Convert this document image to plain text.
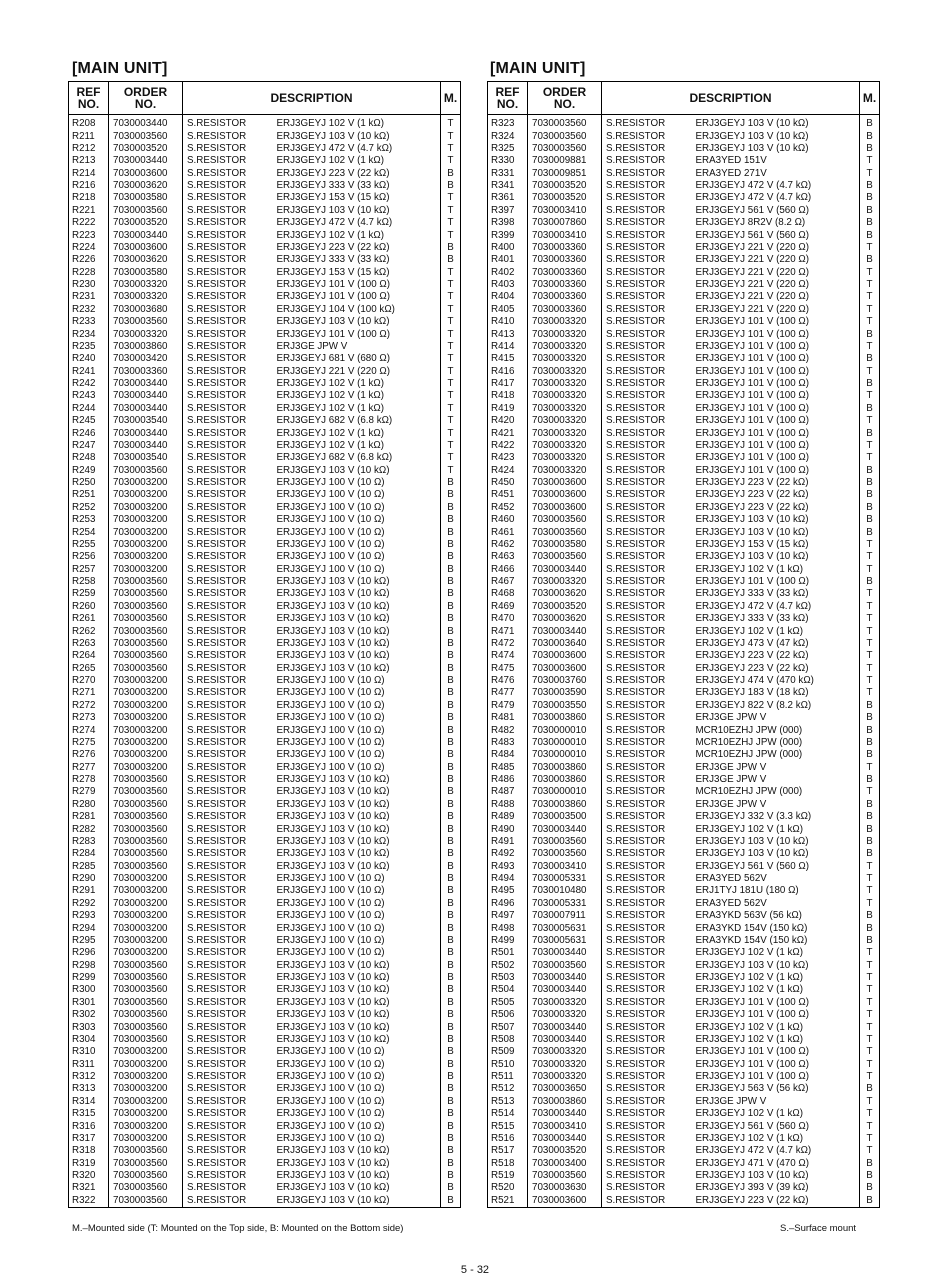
[MAIN UNIT]
REF
NO.	ORDER
NO.	DESCRIPTION		M.
R208	7030003440	S.RESISTOR	ERJ3GEYJ 102 V (1 kΩ)	T
R211	7030003560	S.RESISTOR	ERJ3GEYJ 103 V (10 kΩ)	T
R212	7030003520	S.RESISTOR	ERJ3GEYJ 472 V (4.7 kΩ)	T
R213	7030003440	S.RESISTOR	ERJ3GEYJ 102 V (1 kΩ)	T
R214	7030003600	S.RESISTOR	ERJ3GEYJ 223 V (22 kΩ)	B
R216	7030003620	S.RESISTOR	ERJ3GEYJ 333 V (33 kΩ)	B
R218	7030003580	S.RESISTOR	ERJ3GEYJ 153 V (15 kΩ)	T
R221	7030003560	S.RESISTOR	ERJ3GEYJ 103 V (10 kΩ)	T
R222	7030003520	S.RESISTOR	ERJ3GEYJ 472 V (4.7 kΩ)	T
R223	7030003440	S.RESISTOR	ERJ3GEYJ 102 V (1 kΩ)	T
R224	7030003600	S.RESISTOR	ERJ3GEYJ 223 V (22 kΩ)	B
R226	7030003620	S.RESISTOR	ERJ3GEYJ 333 V (33 kΩ)	B
R228	7030003580	S.RESISTOR	ERJ3GEYJ 153 V (15 kΩ)	T
R230	7030003320	S.RESISTOR	ERJ3GEYJ 101 V (100 Ω)	T
R231	7030003320	S.RESISTOR	ERJ3GEYJ 101 V (100 Ω)	T
R232	7030003680	S.RESISTOR	ERJ3GEYJ 104 V (100 kΩ)	T
R233	7030003560	S.RESISTOR	ERJ3GEYJ 103 V (10 kΩ)	T
R234	7030003320	S.RESISTOR	ERJ3GEYJ 101 V (100 Ω)	T
R235	7030003860	S.RESISTOR	ERJ3GE JPW V	T
R240	7030003420	S.RESISTOR	ERJ3GEYJ 681 V (680 Ω)	T
R241	7030003360	S.RESISTOR	ERJ3GEYJ 221 V (220 Ω)	T
R242	7030003440	S.RESISTOR	ERJ3GEYJ 102 V (1 kΩ)	T
R243	7030003440	S.RESISTOR	ERJ3GEYJ 102 V (1 kΩ)	T
R244	7030003440	S.RESISTOR	ERJ3GEYJ 102 V (1 kΩ)	T
R245	7030003540	S.RESISTOR	ERJ3GEYJ 682 V (6.8 kΩ)	T
R246	7030003440	S.RESISTOR	ERJ3GEYJ 102 V (1 kΩ)	T
R247	7030003440	S.RESISTOR	ERJ3GEYJ 102 V (1 kΩ)	T
R248	7030003540	S.RESISTOR	ERJ3GEYJ 682 V (6.8 kΩ)	T
R249	7030003560	S.RESISTOR	ERJ3GEYJ 103 V (10 kΩ)	T
R250	7030003200	S.RESISTOR	ERJ3GEYJ 100 V (10 Ω)	B
R251	7030003200	S.RESISTOR	ERJ3GEYJ 100 V (10 Ω)	B
R252	7030003200	S.RESISTOR	ERJ3GEYJ 100 V (10 Ω)	B
R253	7030003200	S.RESISTOR	ERJ3GEYJ 100 V (10 Ω)	B
R254	7030003200	S.RESISTOR	ERJ3GEYJ 100 V (10 Ω)	B
R255	7030003200	S.RESISTOR	ERJ3GEYJ 100 V (10 Ω)	B
R256	7030003200	S.RESISTOR	ERJ3GEYJ 100 V (10 Ω)	B
R257	7030003200	S.RESISTOR	ERJ3GEYJ 100 V (10 Ω)	B
R258	7030003560	S.RESISTOR	ERJ3GEYJ 103 V (10 kΩ)	B
R259	7030003560	S.RESISTOR	ERJ3GEYJ 103 V (10 kΩ)	B
R260	7030003560	S.RESISTOR	ERJ3GEYJ 103 V (10 kΩ)	B
R261	7030003560	S.RESISTOR	ERJ3GEYJ 103 V (10 kΩ)	B
R262	7030003560	S.RESISTOR	ERJ3GEYJ 103 V (10 kΩ)	B
R263	7030003560	S.RESISTOR	ERJ3GEYJ 103 V (10 kΩ)	B
R264	7030003560	S.RESISTOR	ERJ3GEYJ 103 V (10 kΩ)	B
R265	7030003560	S.RESISTOR	ERJ3GEYJ 103 V (10 kΩ)	B
R270	7030003200	S.RESISTOR	ERJ3GEYJ 100 V (10 Ω)	B
R271	7030003200	S.RESISTOR	ERJ3GEYJ 100 V (10 Ω)	B
R272	7030003200	S.RESISTOR	ERJ3GEYJ 100 V (10 Ω)	B
R273	7030003200	S.RESISTOR	ERJ3GEYJ 100 V (10 Ω)	B
R274	7030003200	S.RESISTOR	ERJ3GEYJ 100 V (10 Ω)	B
R275	7030003200	S.RESISTOR	ERJ3GEYJ 100 V (10 Ω)	B
R276	7030003200	S.RESISTOR	ERJ3GEYJ 100 V (10 Ω)	B
R277	7030003200	S.RESISTOR	ERJ3GEYJ 100 V (10 Ω)	B
R278	7030003560	S.RESISTOR	ERJ3GEYJ 103 V (10 kΩ)	B
R279	7030003560	S.RESISTOR	ERJ3GEYJ 103 V (10 kΩ)	B
R280	7030003560	S.RESISTOR	ERJ3GEYJ 103 V (10 kΩ)	B
R281	7030003560	S.RESISTOR	ERJ3GEYJ 103 V (10 kΩ)	B
R282	7030003560	S.RESISTOR	ERJ3GEYJ 103 V (10 kΩ)	B
R283	7030003560	S.RESISTOR	ERJ3GEYJ 103 V (10 kΩ)	B
R284	7030003560	S.RESISTOR	ERJ3GEYJ 103 V (10 kΩ)	B
R285	7030003560	S.RESISTOR	ERJ3GEYJ 103 V (10 kΩ)	B
R290	7030003200	S.RESISTOR	ERJ3GEYJ 100 V (10 Ω)	B
R291	7030003200	S.RESISTOR	ERJ3GEYJ 100 V (10 Ω)	B
R292	7030003200	S.RESISTOR	ERJ3GEYJ 100 V (10 Ω)	B
R293	7030003200	S.RESISTOR	ERJ3GEYJ 100 V (10 Ω)	B
R294	7030003200	S.RESISTOR	ERJ3GEYJ 100 V (10 Ω)	B
R295	7030003200	S.RESISTOR	ERJ3GEYJ 100 V (10 Ω)	B
R296	7030003200	S.RESISTOR	ERJ3GEYJ 100 V (10 Ω)	B
R298	7030003560	S.RESISTOR	ERJ3GEYJ 103 V (10 kΩ)	B
R299	7030003560	S.RESISTOR	ERJ3GEYJ 103 V (10 kΩ)	B
R300	7030003560	S.RESISTOR	ERJ3GEYJ 103 V (10 kΩ)	B
R301	7030003560	S.RESISTOR	ERJ3GEYJ 103 V (10 kΩ)	B
R302	7030003560	S.RESISTOR	ERJ3GEYJ 103 V (10 kΩ)	B
R303	7030003560	S.RESISTOR	ERJ3GEYJ 103 V (10 kΩ)	B
R304	7030003560	S.RESISTOR	ERJ3GEYJ 103 V (10 kΩ)	B
R310	7030003200	S.RESISTOR	ERJ3GEYJ 100 V (10 Ω)	B
R311	7030003200	S.RESISTOR	ERJ3GEYJ 100 V (10 Ω)	B
R312	7030003200	S.RESISTOR	ERJ3GEYJ 100 V (10 Ω)	B
R313	7030003200	S.RESISTOR	ERJ3GEYJ 100 V (10 Ω)	B
R314	7030003200	S.RESISTOR	ERJ3GEYJ 100 V (10 Ω)	B
R315	7030003200	S.RESISTOR	ERJ3GEYJ 100 V (10 Ω)	B
R316	7030003200	S.RESISTOR	ERJ3GEYJ 100 V (10 Ω)	B
R317	7030003200	S.RESISTOR	ERJ3GEYJ 100 V (10 Ω)	B
R318	7030003560	S.RESISTOR	ERJ3GEYJ 103 V (10 kΩ)	B
R319	7030003560	S.RESISTOR	ERJ3GEYJ 103 V (10 kΩ)	B
R320	7030003560	S.RESISTOR	ERJ3GEYJ 103 V (10 kΩ)	B
R321	7030003560	S.RESISTOR	ERJ3GEYJ 103 V (10 kΩ)	B
R322	7030003560	S.RESISTOR	ERJ3GEYJ 103 V (10 kΩ)	B
[MAIN UNIT]
REF
NO.	ORDER
NO.	DESCRIPTION		M.
R323	7030003560	S.RESISTOR	ERJ3GEYJ 103 V (10 kΩ)	B
R324	7030003560	S.RESISTOR	ERJ3GEYJ 103 V (10 kΩ)	B
R325	7030003560	S.RESISTOR	ERJ3GEYJ 103 V (10 kΩ)	B
R330	7030009881	S.RESISTOR	ERA3YED 151V	T
R331	7030009851	S.RESISTOR	ERA3YED 271V	T
R341	7030003520	S.RESISTOR	ERJ3GEYJ 472 V (4.7 kΩ)	B
R361	7030003520	S.RESISTOR	ERJ3GEYJ 472 V (4.7 kΩ)	B
R397	7030003410	S.RESISTOR	ERJ3GEYJ 561 V (560 Ω)	B
R398	7030007860	S.RESISTOR	ERJ3GEYJ 8R2V (8.2 Ω)	B
R399	7030003410	S.RESISTOR	ERJ3GEYJ 561 V (560 Ω)	B
R400	7030003360	S.RESISTOR	ERJ3GEYJ 221 V (220 Ω)	T
R401	7030003360	S.RESISTOR	ERJ3GEYJ 221 V (220 Ω)	B
R402	7030003360	S.RESISTOR	ERJ3GEYJ 221 V (220 Ω)	T
R403	7030003360	S.RESISTOR	ERJ3GEYJ 221 V (220 Ω)	T
R404	7030003360	S.RESISTOR	ERJ3GEYJ 221 V (220 Ω)	T
R405	7030003360	S.RESISTOR	ERJ3GEYJ 221 V (220 Ω)	T
R410	7030003320	S.RESISTOR	ERJ3GEYJ 101 V (100 Ω)	T
R413	7030003320	S.RESISTOR	ERJ3GEYJ 101 V (100 Ω)	B
R414	7030003320	S.RESISTOR	ERJ3GEYJ 101 V (100 Ω)	T
R415	7030003320	S.RESISTOR	ERJ3GEYJ 101 V (100 Ω)	B
R416	7030003320	S.RESISTOR	ERJ3GEYJ 101 V (100 Ω)	T
R417	7030003320	S.RESISTOR	ERJ3GEYJ 101 V (100 Ω)	B
R418	7030003320	S.RESISTOR	ERJ3GEYJ 101 V (100 Ω)	T
R419	7030003320	S.RESISTOR	ERJ3GEYJ 101 V (100 Ω)	B
R420	7030003320	S.RESISTOR	ERJ3GEYJ 101 V (100 Ω)	T
R421	7030003320	S.RESISTOR	ERJ3GEYJ 101 V (100 Ω)	B
R422	7030003320	S.RESISTOR	ERJ3GEYJ 101 V (100 Ω)	T
R423	7030003320	S.RESISTOR	ERJ3GEYJ 101 V (100 Ω)	T
R424	7030003320	S.RESISTOR	ERJ3GEYJ 101 V (100 Ω)	B
R450	7030003600	S.RESISTOR	ERJ3GEYJ 223 V (22 kΩ)	B
R451	7030003600	S.RESISTOR	ERJ3GEYJ 223 V (22 kΩ)	B
R452	7030003600	S.RESISTOR	ERJ3GEYJ 223 V (22 kΩ)	B
R460	7030003560	S.RESISTOR	ERJ3GEYJ 103 V (10 kΩ)	B
R461	7030003560	S.RESISTOR	ERJ3GEYJ 103 V (10 kΩ)	B
R462	7030003580	S.RESISTOR	ERJ3GEYJ 153 V (15 kΩ)	T
R463	7030003560	S.RESISTOR	ERJ3GEYJ 103 V (10 kΩ)	T
R466	7030003440	S.RESISTOR	ERJ3GEYJ 102 V (1 kΩ)	T
R467	7030003320	S.RESISTOR	ERJ3GEYJ 101 V (100 Ω)	B
R468	7030003620	S.RESISTOR	ERJ3GEYJ 333 V (33 kΩ)	T
R469	7030003520	S.RESISTOR	ERJ3GEYJ 472 V (4.7 kΩ)	T
R470	7030003620	S.RESISTOR	ERJ3GEYJ 333 V (33 kΩ)	T
R471	7030003440	S.RESISTOR	ERJ3GEYJ 102 V (1 kΩ)	T
R472	7030003640	S.RESISTOR	ERJ3GEYJ 473 V (47 kΩ)	T
R474	7030003600	S.RESISTOR	ERJ3GEYJ 223 V (22 kΩ)	T
R475	7030003600	S.RESISTOR	ERJ3GEYJ 223 V (22 kΩ)	T
R476	7030003760	S.RESISTOR	ERJ3GEYJ 474 V (470 kΩ)	T
R477	7030003590	S.RESISTOR	ERJ3GEYJ 183 V (18 kΩ)	T
R479	7030003550	S.RESISTOR	ERJ3GEYJ 822 V (8.2 kΩ)	B
R481	7030003860	S.RESISTOR	ERJ3GE JPW V	B
R482	7030000010	S.RESISTOR	MCR10EZHJ JPW (000)	B
R483	7030000010	S.RESISTOR	MCR10EZHJ JPW (000)	B
R484	7030000010	S.RESISTOR	MCR10EZHJ JPW (000)	B
R485	7030003860	S.RESISTOR	ERJ3GE JPW V	T
R486	7030003860	S.RESISTOR	ERJ3GE JPW V	B
R487	7030000010	S.RESISTOR	MCR10EZHJ JPW (000)	T
R488	7030003860	S.RESISTOR	ERJ3GE JPW V	B
R489	7030003500	S.RESISTOR	ERJ3GEYJ 332 V (3.3 kΩ)	B
R490	7030003440	S.RESISTOR	ERJ3GEYJ 102 V (1 kΩ)	B
R491	7030003560	S.RESISTOR	ERJ3GEYJ 103 V (10 kΩ)	B
R492	7030003560	S.RESISTOR	ERJ3GEYJ 103 V (10 kΩ)	B
R493	7030003410	S.RESISTOR	ERJ3GEYJ 561 V (560 Ω)	T
R494	7030005331	S.RESISTOR	ERA3YED 562V	T
R495	7030010480	S.RESISTOR	ERJ1TYJ 181U (180 Ω)	T
R496	7030005331	S.RESISTOR	ERA3YED 562V	T
R497	7030007911	S.RESISTOR	ERA3YKD 563V (56 kΩ)	B
R498	7030005631	S.RESISTOR	ERA3YKD 154V (150 kΩ)	B
R499	7030005631	S.RESISTOR	ERA3YKD 154V (150 kΩ)	B
R501	7030003440	S.RESISTOR	ERJ3GEYJ 102 V (1 kΩ)	T
R502	7030003560	S.RESISTOR	ERJ3GEYJ 103 V (10 kΩ)	T
R503	7030003440	S.RESISTOR	ERJ3GEYJ 102 V (1 kΩ)	T
R504	7030003440	S.RESISTOR	ERJ3GEYJ 102 V (1 kΩ)	T
R505	7030003320	S.RESISTOR	ERJ3GEYJ 101 V (100 Ω)	T
R506	7030003320	S.RESISTOR	ERJ3GEYJ 101 V (100 Ω)	T
R507	7030003440	S.RESISTOR	ERJ3GEYJ 102 V (1 kΩ)	T
R508	7030003440	S.RESISTOR	ERJ3GEYJ 102 V (1 kΩ)	T
R509	7030003320	S.RESISTOR	ERJ3GEYJ 101 V (100 Ω)	T
R510	7030003320	S.RESISTOR	ERJ3GEYJ 101 V (100 Ω)	T
R511	7030003320	S.RESISTOR	ERJ3GEYJ 101 V (100 Ω)	T
R512	7030003650	S.RESISTOR	ERJ3GEYJ 563 V (56 kΩ)	B
R513	7030003860	S.RESISTOR	ERJ3GE JPW V	T
R514	7030003440	S.RESISTOR	ERJ3GEYJ 102 V (1 kΩ)	T
R515	7030003410	S.RESISTOR	ERJ3GEYJ 561 V (560 Ω)	T
R516	7030003440	S.RESISTOR	ERJ3GEYJ 102 V (1 kΩ)	T
R517	7030003520	S.RESISTOR	ERJ3GEYJ 472 V (4.7 kΩ)	T
R518	7030003400	S.RESISTOR	ERJ3GEYJ 471 V (470 Ω)	B
R519	7030003560	S.RESISTOR	ERJ3GEYJ 103 V (10 kΩ)	B
R520	7030003630	S.RESISTOR	ERJ3GEYJ 393 V (39 kΩ)	B
R521	7030003600	S.RESISTOR	ERJ3GEYJ 223 V (22 kΩ)	B
M.–Mounted side (T: Mounted on the Top side, B: Mounted on the Bottom side)	S.–Surface mount
5 - 32
